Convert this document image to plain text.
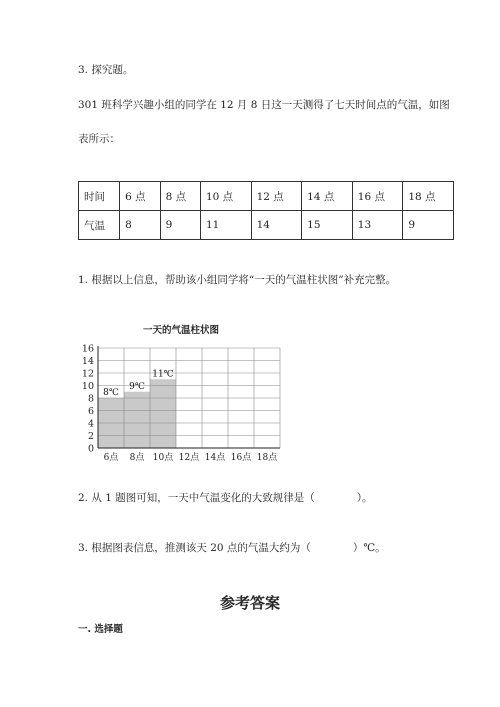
3. 探究题。
301 班科学兴趣小组的同学在 12 月 8 日这一天测得了七天时间点的气温，如图
表所示：
时间	6 点	8 点	10 点	12 点	14 点	16 点	18 点
气温	8	9	11	14	15	13	9
1. 根据以上信息，帮助该小组同学将“一天的气温柱状图”补充完整。
一天的气温柱状图
0
2
4
6
8
10
12
14
16
6点 8点 10点 12点 14点 16点 18点
8℃
9℃
11℃
2. 从 1 题图可知，一天中气温变化的大致规律是（　　　　）。
3. 根据图表信息，推测该天 20 点的气温大约为（　　　　）℃。
参考答案
一. 选择题
